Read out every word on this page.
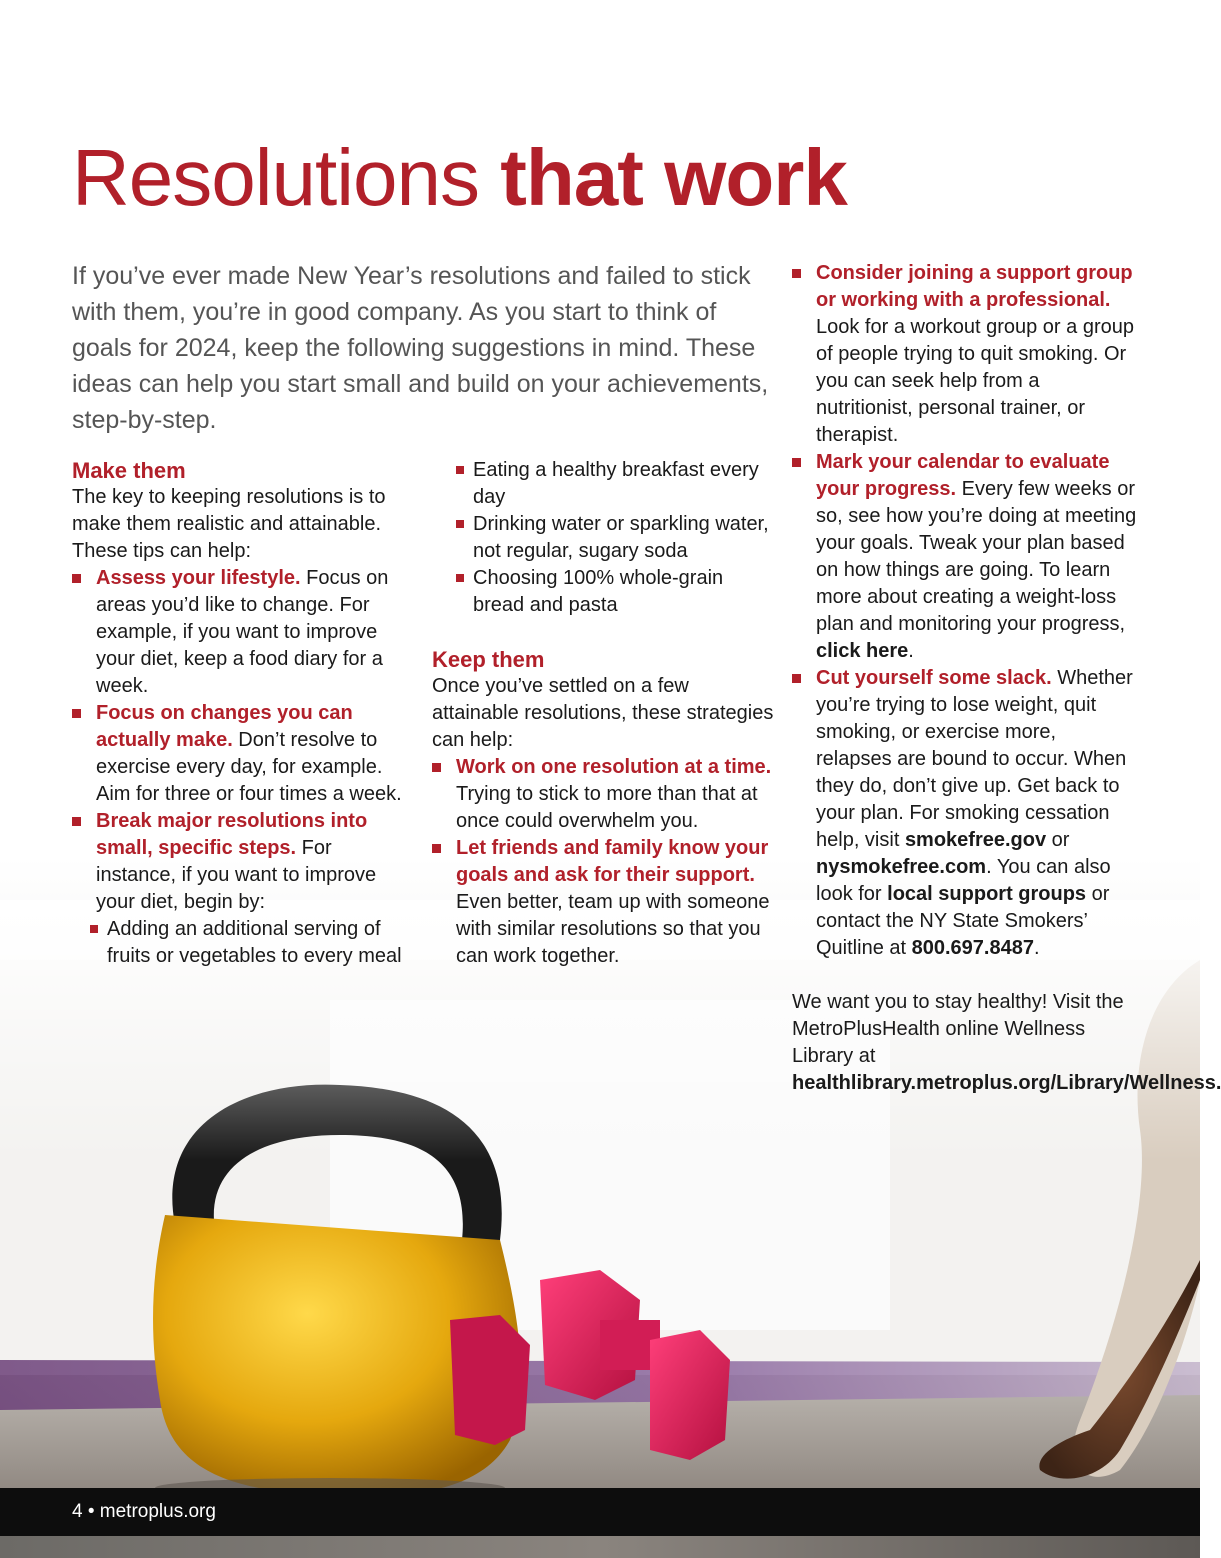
Resolutions that work

If you’ve ever made New Year’s resolutions and failed to stick with them, you’re in good company. As you start to think of goals for 2024, keep the following suggestions in mind. These ideas can help you start small and build on your achievements, step-by-step.

Make them

The key to keeping resolutions is to make them realistic and attainable. These tips can help:

Assess your lifestyle. Focus on areas you’d like to change. For example, if you want to improve your diet, keep a food diary for a week.
Focus on changes you can actually make. Don’t resolve to exercise every day, for example. Aim for three or four times a week.
Break major resolutions into small, specific steps. For instance, if you want to improve your diet, begin by:
Adding an additional serving of fruits or vegetables to every meal
Eating a healthy breakfast every day
Drinking water or sparkling water, not regular, sugary soda
Choosing 100% whole-grain bread and pasta

Keep them

Once you’ve settled on a few attainable resolutions, these strategies can help:

Work on one resolution at a time. Trying to stick to more than that at once could overwhelm you.
Let friends and family know your goals and ask for their support. Even better, team up with someone with similar resolutions so that you can work together.
Consider joining a support group or working with a professional. Look for a workout group or a group of people trying to quit smoking. Or you can seek help from a nutritionist, personal trainer, or therapist.
Mark your calendar to evaluate your progress. Every few weeks or so, see how you’re doing at meeting your goals. Tweak your plan based on how things are going. To learn more about creating a weight-loss plan and monitoring your progress, click here.
Cut yourself some slack. Whether you’re trying to lose weight, quit smoking, or exercise more, relapses are bound to occur. When they do, don’t give up. Get back to your plan. For smoking cessation help, visit smokefree.gov or nysmokefree.com. You can also look for local support groups or contact the NY State Smokers’ Quitline at 800.697.8487.

We want you to stay healthy! Visit the MetroPlusHealth online Wellness Library at healthlibrary.metroplus.org/Library/Wellness.

4 • metroplus.org
